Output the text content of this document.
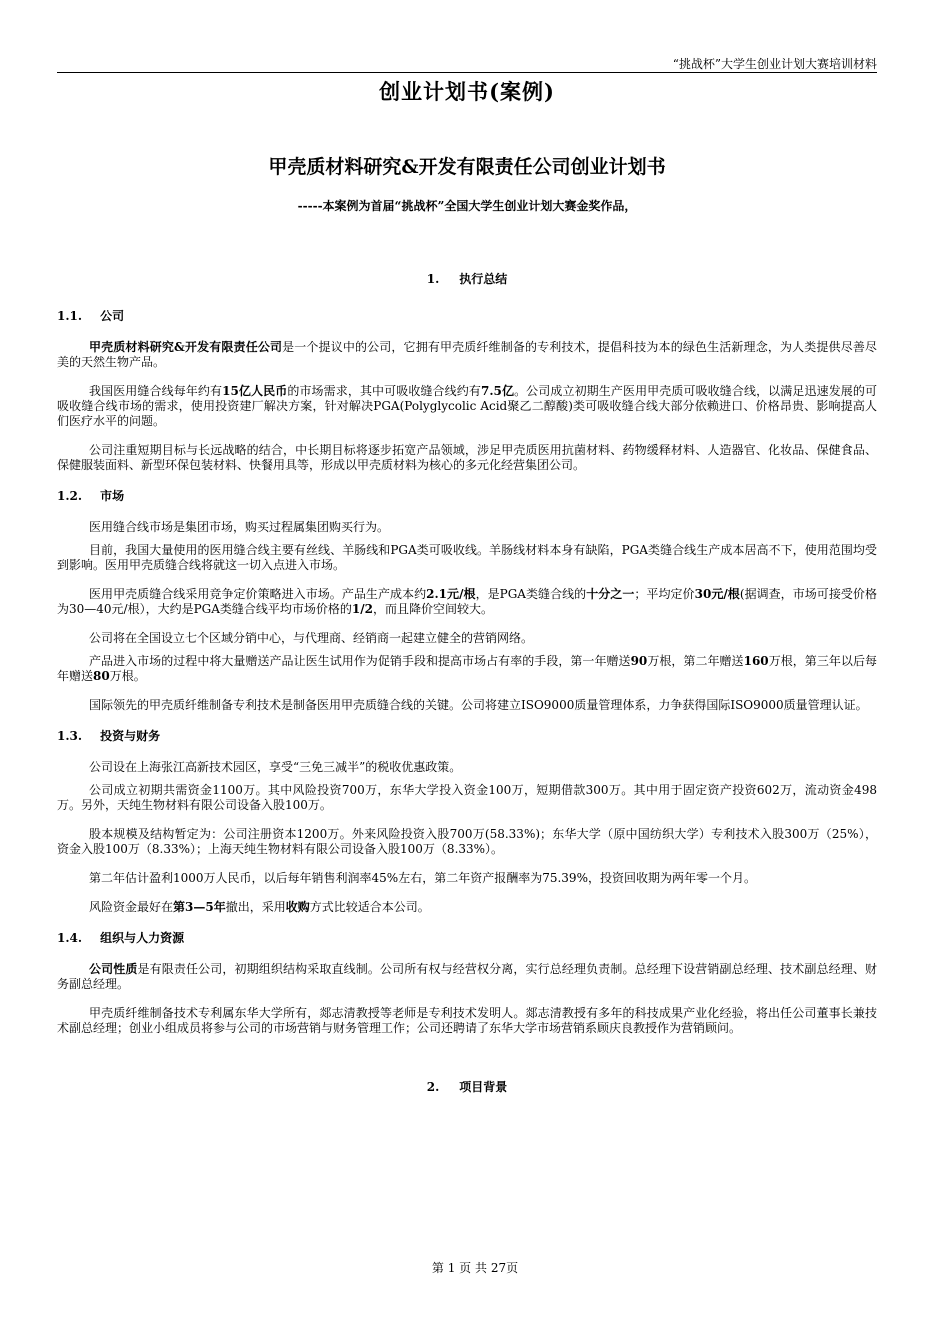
“挑战杯”大学生创业计划大赛培训材料
创业计划书(案例)
甲壳质材料研究&开发有限责任公司创业计划书
-----本案例为首届“挑战杯”全国大学生创业计划大赛金奖作品，
1. 执行总结
1.1. 公司

甲壳质材料研究&开发有限责任公司是一个提议中的公司，它拥有甲壳质纤维制备的专利技术，提倡科技为本的绿色生活新理念，为人类提供尽善尽美的天然生物产品。

我国医用缝合线每年约有15亿人民币的市场需求，其中可吸收缝合线约有7.5亿。公司成立初期生产医用甲壳质可吸收缝合线，以满足迅速发展的可吸收缝合线市场的需求，使用投资建厂解决方案，针对解决PGA(Polyglycolic Acid聚乙二醇酸)类可吸收缝合线大部分依赖进口、价格昂贵、影响提高人们医疗水平的问题。

公司注重短期目标与长远战略的结合，中长期目标将逐步拓宽产品领域，涉足甲壳质医用抗菌材料、药物缓释材料、人造器官、化妆品、保健食品、保健服装面料、新型环保包装材料、快餐用具等，形成以甲壳质材料为核心的多元化经营集团公司。

1.2. 市场

医用缝合线市场是集团市场，购买过程属集团购买行为。

目前，我国大量使用的医用缝合线主要有丝线、羊肠线和PGA类可吸收线。羊肠线材料本身有缺陷，PGA类缝合线生产成本居高不下，使用范围均受到影响。医用甲壳质缝合线将就这一切入点进入市场。

医用甲壳质缝合线采用竞争定价策略进入市场。产品生产成本约2.1元/根，是PGA类缝合线的十分之一；平均定价30元/根(据调查，市场可接受价格为30—40元/根），大约是PGA类缝合线平均市场价格的1/2，而且降价空间较大。

公司将在全国设立七个区域分销中心，与代理商、经销商一起建立健全的营销网络。

产品进入市场的过程中将大量赠送产品让医生试用作为促销手段和提高市场占有率的手段，第一年赠送90万根，第二年赠送160万根，第三年以后每年赠送80万根。

国际领先的甲壳质纤维制备专利技术是制备医用甲壳质缝合线的关键。公司将建立ISO9000质量管理体系，力争获得国际ISO9000质量管理认证。

1.3. 投资与财务

公司设在上海张江高新技术园区，享受“三免三减半”的税收优惠政策。

公司成立初期共需资金1100万。其中风险投资700万，东华大学投入资金100万，短期借款300万。其中用于固定资产投资602万，流动资金498万。另外，天纯生物材料有限公司设备入股100万。

股本规模及结构暂定为：公司注册资本1200万。外来风险投资入股700万(58.33%)；东华大学（原中国纺织大学）专利技术入股300万（25%），资金入股100万（8.33%）；上海天纯生物材料有限公司设备入股100万（8.33%）。

第二年估计盈利1000万人民币，以后每年销售利润率45%左右，第二年资产报酬率为75.39%，投资回收期为两年零一个月。

风险资金最好在第3—5年撤出，采用收购方式比较适合本公司。

1.4. 组织与人力资源

公司性质是有限责任公司，初期组织结构采取直线制。公司所有权与经营权分离，实行总经理负责制。总经理下设营销副总经理、技术副总经理、财务副总经理。

甲壳质纤维制备技术专利属东华大学所有，郯志清教授等老师是专利技术发明人。郯志清教授有多年的科技成果产业化经验，将出任公司董事长兼技术副总经理；创业小组成员将参与公司的市场营销与财务管理工作；公司还聘请了东华大学市场营销系顾庆良教授作为营销顾问。

2. 项目背景
第 1 页 共 27页
